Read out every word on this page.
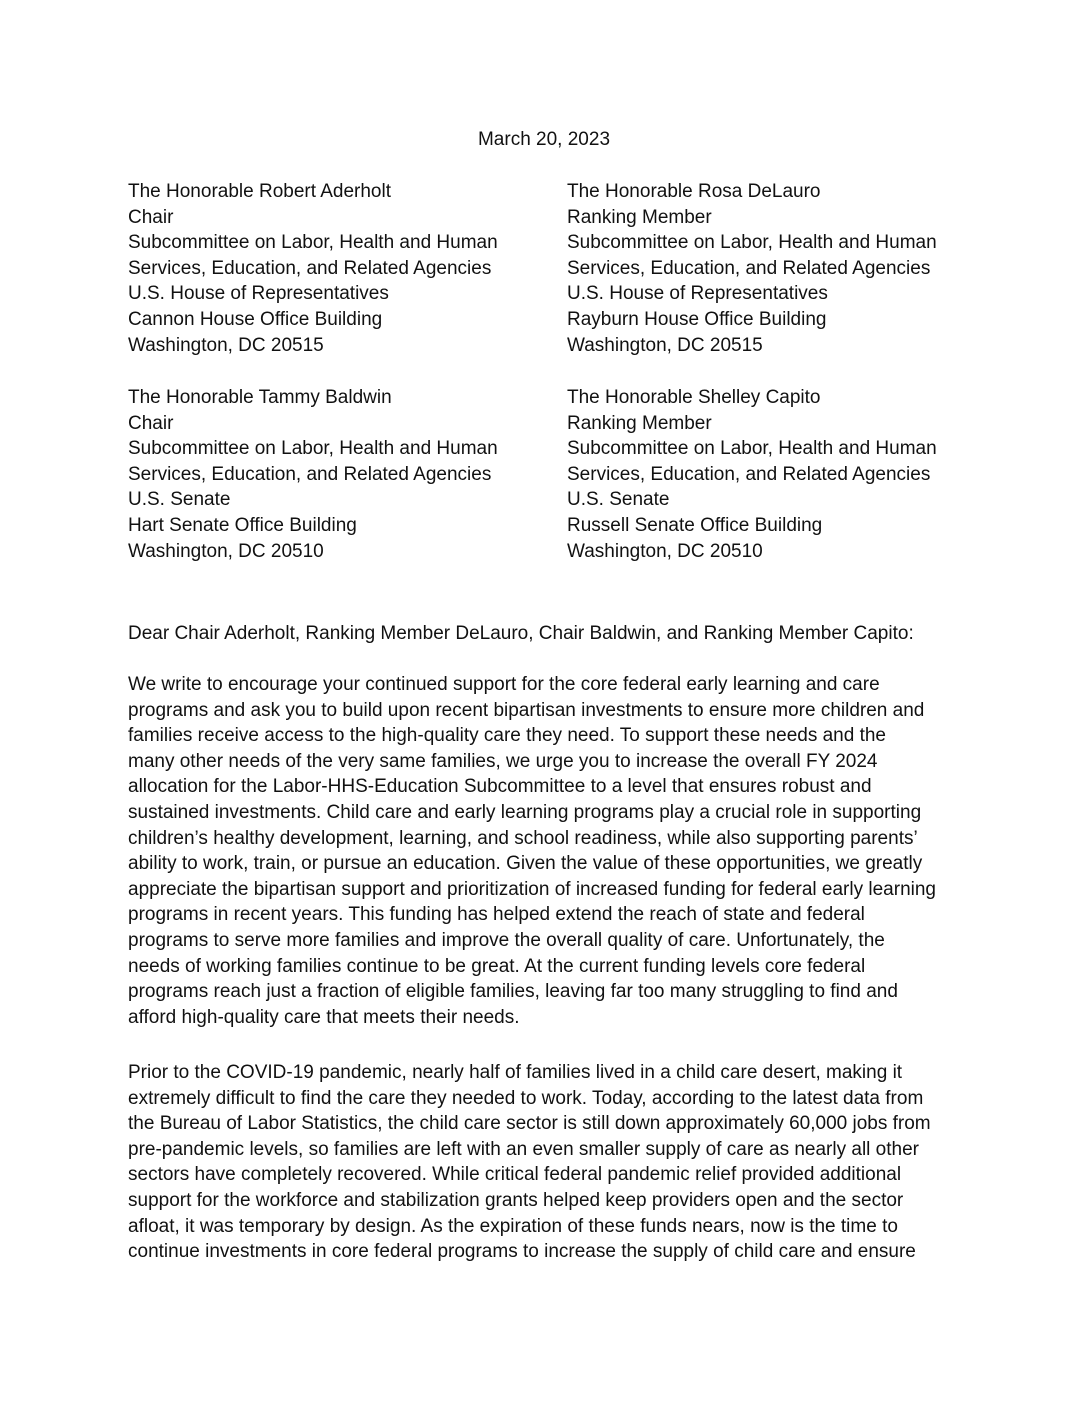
March 20, 2023
The Honorable Robert Aderholt
Chair
Subcommittee on Labor, Health and Human
Services, Education, and Related Agencies
U.S. House of Representatives
Cannon House Office Building
Washington, DC 20515
The Honorable Rosa DeLauro
Ranking Member
Subcommittee on Labor, Health and Human
Services, Education, and Related Agencies
U.S. House of Representatives
Rayburn House Office Building
Washington, DC 20515
The Honorable Tammy Baldwin
Chair
Subcommittee on Labor, Health and Human
Services, Education, and Related Agencies
U.S. Senate
Hart Senate Office Building
Washington, DC 20510
The Honorable Shelley Capito
Ranking Member
Subcommittee on Labor, Health and Human
Services, Education, and Related Agencies
U.S. Senate
Russell Senate Office Building
Washington, DC 20510
Dear Chair Aderholt, Ranking Member DeLauro, Chair Baldwin, and Ranking Member Capito:
We write to encourage your continued support for the core federal early learning and care
programs and ask you to build upon recent bipartisan investments to ensure more children and
families receive access to the high-quality care they need. To support these needs and the
many other needs of the very same families, we urge you to increase the overall FY 2024
allocation for the Labor-HHS-Education Subcommittee to a level that ensures robust and
sustained investments. Child care and early learning programs play a crucial role in supporting
children’s healthy development, learning, and school readiness, while also supporting parents’
ability to work, train, or pursue an education. Given the value of these opportunities, we greatly
appreciate the bipartisan support and prioritization of increased funding for federal early learning
programs in recent years. This funding has helped extend the reach of state and federal
programs to serve more families and improve the overall quality of care. Unfortunately, the
needs of working families continue to be great. At the current funding levels core federal
programs reach just a fraction of eligible families, leaving far too many struggling to find and
afford high-quality care that meets their needs.
Prior to the COVID-19 pandemic, nearly half of families lived in a child care desert, making it
extremely difficult to find the care they needed to work. Today, according to the latest data from
the Bureau of Labor Statistics, the child care sector is still down approximately 60,000 jobs from
pre-pandemic levels, so families are left with an even smaller supply of care as nearly all other
sectors have completely recovered. While critical federal pandemic relief provided additional
support for the workforce and stabilization grants helped keep providers open and the sector
afloat, it was temporary by design. As the expiration of these funds nears, now is the time to
continue investments in core federal programs to increase the supply of child care and ensure
